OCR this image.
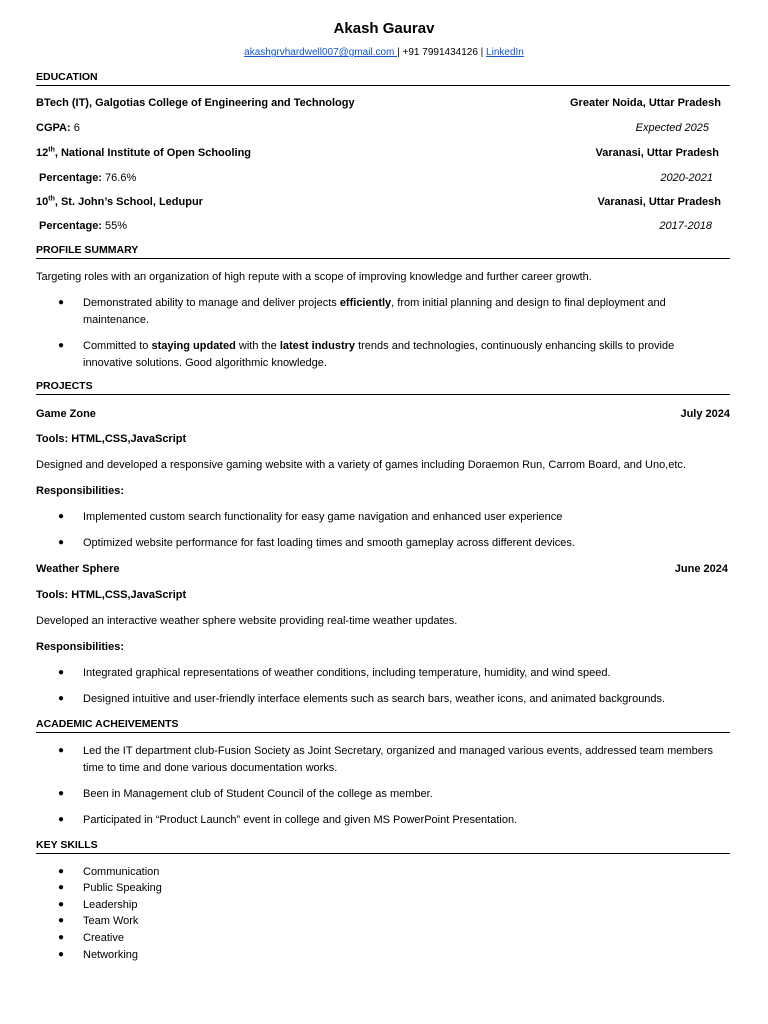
Akash Gaurav
akashgrvhardwell007@gmail.com | +91 7991434126 | LinkedIn
EDUCATION
BTech (IT), Galgotias College of Engineering and Technology	Greater Noida, Uttar Pradesh
CGPA: 6	Expected 2025
12th, National Institute of Open Schooling	Varanasi, Uttar Pradesh
Percentage: 76.6%	2020-2021
10th, St. John’s School, Ledupur	Varanasi, Uttar Pradesh
Percentage: 55%	2017-2018
PROFILE SUMMARY
Targeting roles with an organization of high repute with a scope of improving knowledge and further career growth.
● Demonstrated ability to manage and deliver projects efficiently, from initial planning and design to final deployment and maintenance.
● Committed to staying updated with the latest industry trends and technologies, continuously enhancing skills to provide innovative solutions. Good algorithmic knowledge.
PROJECTS
Game Zone	July 2024
Tools: HTML,CSS,JavaScript
Designed and developed a responsive gaming website with a variety of games including Doraemon Run, Carrom Board, and Uno,etc.
Responsibilities:
● Implemented custom search functionality for easy game navigation and enhanced user experience
● Optimized website performance for fast loading times and smooth gameplay across different devices.
Weather Sphere	June 2024
Tools: HTML,CSS,JavaScript
Developed an interactive weather sphere website providing real-time weather updates.
Responsibilities:
● Integrated graphical representations of weather conditions, including temperature, humidity, and wind speed.
● Designed intuitive and user-friendly interface elements such as search bars, weather icons, and animated backgrounds.
ACADEMIC ACHEIVEMENTS
● Led the IT department club-Fusion Society as Joint Secretary, organized and managed various events, addressed team members time to time and done various documentation works.
● Been in Management club of Student Council of the college as member.
● Participated in “Product Launch” event in college and given MS PowerPoint Presentation.
KEY SKILLS
● Communication
● Public Speaking
● Leadership
● Team Work
● Creative
● Networking
